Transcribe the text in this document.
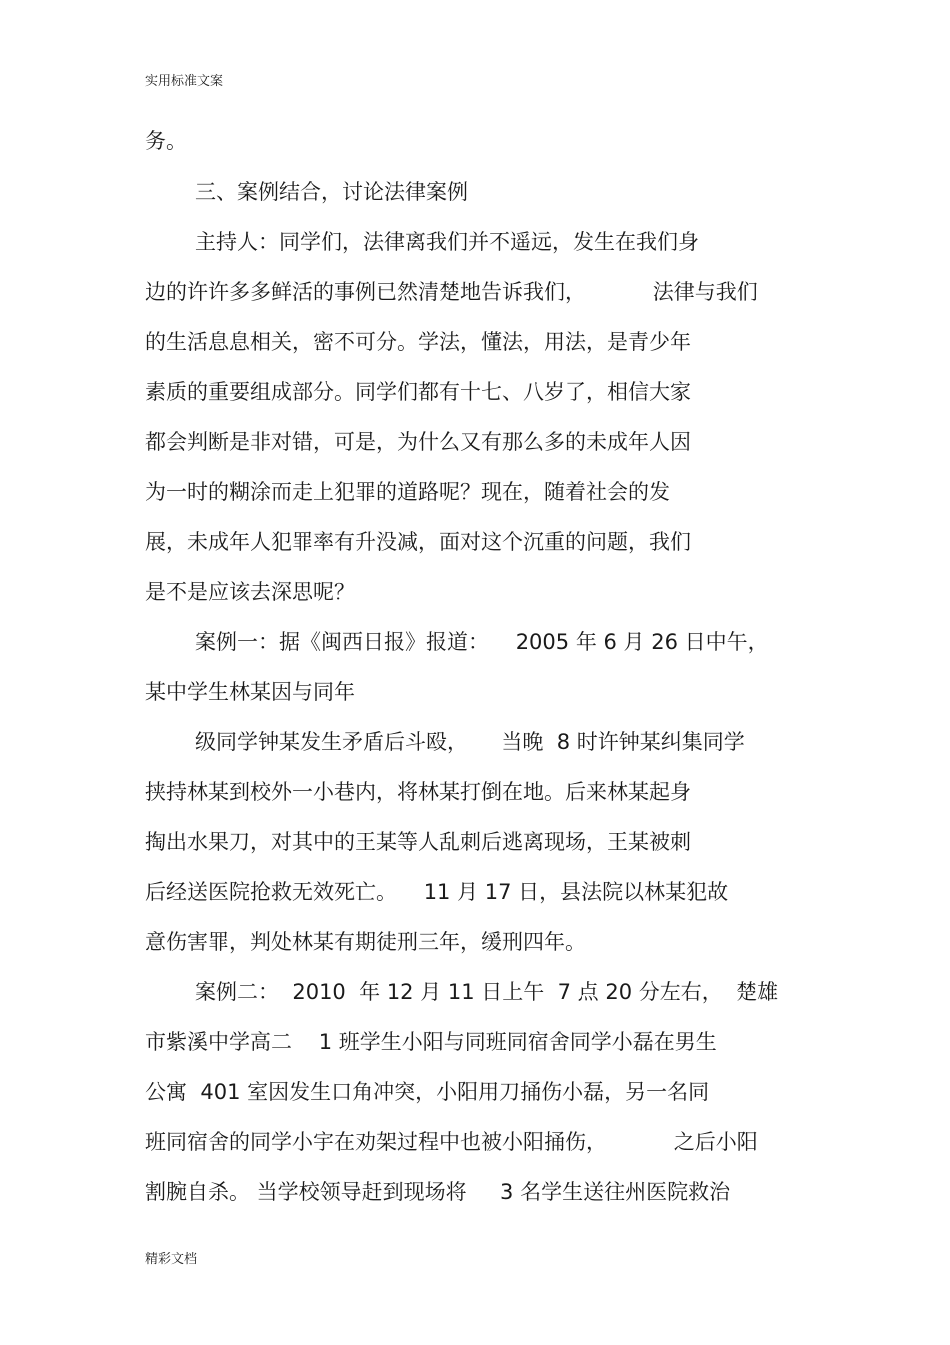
实用标准文案
务。
三、案例结合，讨论法律案例
主持人：同学们，法律离我们并不遥远，发生在我们身
边的许许多多鲜活的事例已然清楚地告诉我们，          法律与我们
的生活息息相关，密不可分。学法，懂法，用法，是青少年
素质的重要组成部分。同学们都有十七、八岁了，相信大家
都会判断是非对错，可是，为什么又有那么多的未成年人因
为一时的糊涂而走上犯罪的道路呢？现在，随着社会的发
展，未成年人犯罪率有升没减，面对这个沉重的问题，我们
是不是应该去深思呢？
案例一：据《闽西日报》报道：    2005 年 6 月 26 日中午，
某中学生林某因与同年
级同学钟某发生矛盾后斗殴，     当晚  8 时许钟某纠集同学
挟持林某到校外一小巷内，将林某打倒在地。后来林某起身
掏出水果刀，对其中的王某等人乱刺后逃离现场，王某被刺
后经送医院抢救无效死亡。    11 月 17 日，县法院以林某犯故
意伤害罪，判处林某有期徒刑三年，缓刑四年。
案例二：  2010  年 12 月 11 日上午  7 点 20 分左右，  楚雄
市紫溪中学高二    1 班学生小阳与同班同宿舍同学小磊在男生
公寓  401 室因发生口角冲突，小阳用刀捅伤小磊，另一名同
班同宿舍的同学小宇在劝架过程中也被小阳捅伤，          之后小阳
割腕自杀。 当学校领导赶到现场将     3 名学生送往州医院救治
精彩文档
